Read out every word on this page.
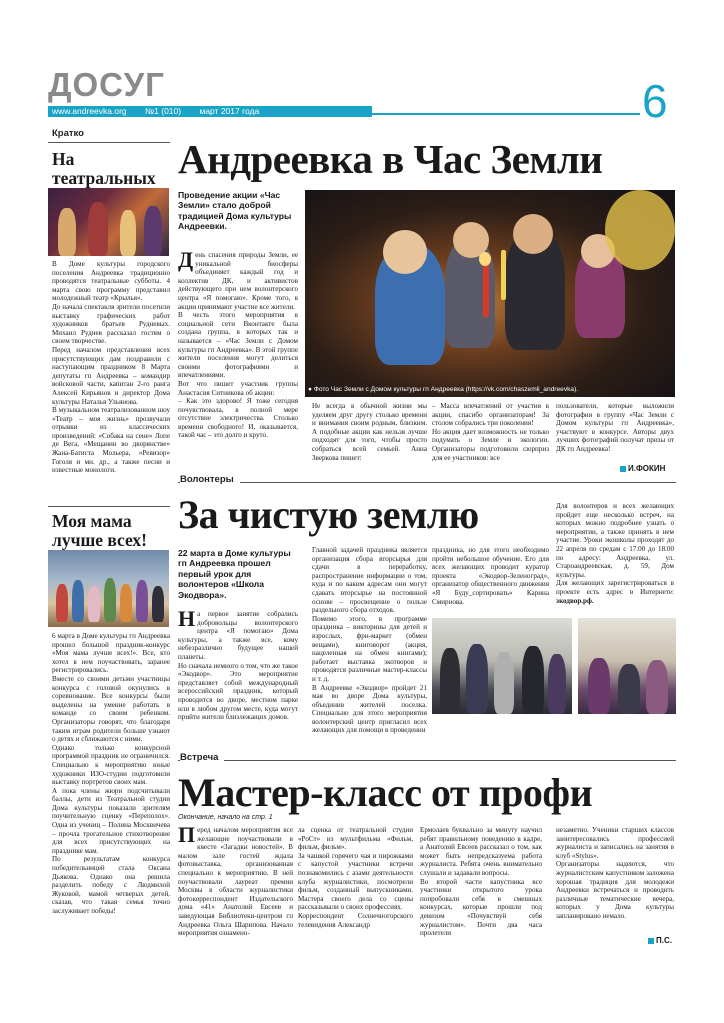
ДОСУГ
www.andreevka.org №1 (010) март 2017 года	6
Кратко
На театральных
В Доме культуры городского поселения Андреевка традиционно проводятся театральные субботы. 4 марта свою программу представил молодежный театр «Крылья».
До начала спектакля зрители посетили выставку графических работ художников братьев Рудневых. Михаил Руднев рассказал гостям о своем творчестве.
Перед началом представления всех присутствующих дам поздравили с наступающим праздником 8 Марта депутаты гп Андреевка – командир войсковой части, капитан 2-го ранга Алексей Кирьянов и директор Дома культуры Наталья Ульянова.
В музыкальном театрализованном шоу «Театр – моя жизнь» прозвучали отрывки из классических произведений: «Собака на сене» Лопе де Вега, «Мещанин во дворянстве» Жана-Батиста Мольера, «Ревизор» Гоголя и мн. др., а также песни и известные монологи.
Моя мама лучше всех!
6 марта в Доме культуры гп Андреевка прошел большой праздник-конкурс «Моя мама лучше всех!». Все, кто хотел в нем поучаствовать, заранее регистрировались.
Вместе со своими детьми участницы конкурса с головой окунулись в соревнование. Все конкурсы были выделены на умение работать в команде со своим ребенком. Организаторы говорят, что благодаря таким играм родители больше узнают о детях и сближаются с ними.
Однако только конкурсной программой праздник не ограничился. Специально к мероприятию юные художники ИЗО-студии подготовили выставку портретов своих мам.
А пока члены жюри подсчитывали баллы, дети из Театральной студии Дома культуры показали зрителям поучительную сценку «Переполох». Одна из учениц – Полина Москвичева – прочла трогательное стихотворение для всех присутствующих на празднике мам.
По результатам конкурса победительницей стала Оксана Дьякова. Однако она решила разделить победу с Людмилой Жуковой, мамой четверых детей, сказав, что такая семья точно заслуживает победы!
Андреевка в Час Земли
Проведение акции «Час Земли» стало доброй традицией Дома культуры Андреевки.
День спасения природы Земли, ее уникальной биосферы объединяет каждый год и коллектив ДК, и активистов действующего при нем волонтерского центра «Я помогаю». Кроме того, в акции принимают участие все жители.
В честь этого мероприятия в социальной сети Вконтакте была создана группа, в которых так и называется – «Час Земли с Домом культуры гп Андреевка». В этой группе жители поселения могут делиться своими фотографиями и впечатлениями.
Вот что пишет участник группы Анастасия Ситникова об акции:
– Как это здорово! Я тоже сегодня почувствовала, в полной мере отсутствие электричества. Столько времени свободного! И, оказывается, такой час – это долго и круто.
● Фото Час Земли с Домом культуры гп Андреевка (https://vk.com/chaszemli_andreevka).
Не всегда в обычной жизни мы уделяем друг другу столько времени и внимания своим родным, близким. А подобные акции как нельзя лучше подходят для того, чтобы просто собраться всей семьей. Анна Зверкова пишет:
– Масса впечатлений от участия в акции, спасибо организаторам! За столом собрались три поколения!
Но акция дает возможность не только подумать о Земле и экологии. Организаторы подготовили сюрприз для ее участников: все
пользователи, которые выложили фотографии в группу «Час Земли с Домом культуры гп Андреевка», участвуют в конкурсе. Авторы двух лучших фотографий получат призы от ДК гп Андреевка!
И.ФОКИН
Волонтеры
За чистую землю
22 марта в Доме культуры гп Андреевка прошел первый урок для волонтеров «Школа Экодвора».
На первое занятие собрались добровольцы волонтерского центра «Я помогаю» Дома культуры, а также все, кому небезразлично будущее нашей планеты.
Но сначала немного о том, что же такое «Экодвор». Это мероприятие представляет собой международный всероссийский праздник, который проводится во дворе, местном парке или в любом другом месте, куда могут прийти жители близлежащих домов.
Главной задачей праздника является организация сбора вторсырья для сдачи в переработку, распространение информации о том, куда и по каким адресам они могут сдавать вторсырье на постоянной основе – просвещение о пользе раздельного сбора отходов.
Помимо этого, в программе праздника – викторины для детей и взрослых, фри-маркет (обмен вещами), книговорот (акция, нацеленная на обмен книгами); работает выставка экотворов и проводятся различные мастер-классы и т. д.
В Андреевке «Экодвор» пройдет 21 мая во дворе Дома культуры, объединив жителей поселка. Специально для этого мероприятия волонтерский центр пригласил всех желающих для помощи в проведении
праздника, но для этого необходимо пройти небольшое обучение. Его для всех желающих проводит куратор проекта «Экодвор-Зеленоград», организатор общественного движения «Я Буду_сортировать» Карина Смирнова.
Для волонтеров и всех желающих пройдет еще несколько встреч, на которых можно подробнее узнать о мероприятии, а также принять в нем участие. Уроки экошколы проходят до 22 апреля по средам с 17.00 до 18.00 по адресу: Андреевка, ул. Староандреевская, д. 59, Дом культуры.
Для желающих зарегистрироваться в проекте есть адрес в Интернете: экодвор.рф.
Встреча
Мастер-класс от профи
Окончание, начало на стр. 1
Перед началом мероприятия все желающие поучаствовали в квесте «Загадки новостей». В малом зале гостей ждала фотовыставка, организованная специально к мероприятию. В ней поучаствовали лауреат премии Москвы в области журналистики фотокорреспондент Издательского дома «41» Анатолий Евсеев и заведующая Библиотеки-центром гп Андреевка Ольга Шарипова. Начало мероприятия ознамено-
ла сценка от театральной студии «РоСт» из мультфильма «Фильм, фильм, фильм».
За чашкой горячего чая и пирожками с капустой участники встречи познакомились с азами деятельности клуба журналистики, посмотрели фильм, созданный выпускниками. Мастера своего дела со сцены рассказывали о своих профессиях.
Корреспондент Солнечногорского телевидения Александр
Ермолаев буквально за минуту научил ребят правильному поведению в кадре, а Анатолий Евсеев рассказал о том, как может быть непредсказуема работа журналиста. Ребята очень внимательно слушали и задавали вопросы.
Во второй части капустника все участники открытого урока попробовали себя в смешных конкурсах, которые прошли под девизом «Почувствуй себя журналистом». Почти два часа пролетели
незаметно. Ученики старших классов заинтересовались профессией журналиста и записались на занятия в клуб «Stylus».
Организаторы надеются, что журналистским капустником заложена хорошая традиция для молодежи Андреевки встречаться и проводить различные тематические вечера, которых у Дома культуры запланировано немало.
П.С.
